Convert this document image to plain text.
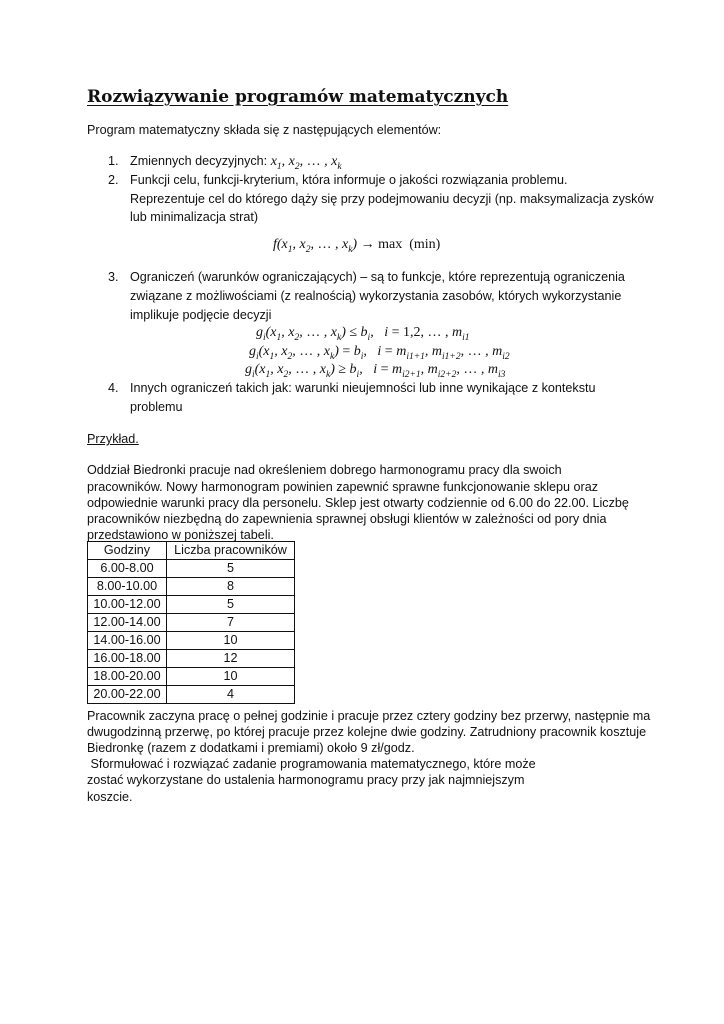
Rozwiązywanie programów matematycznych
Program matematyczny składa się z następujących elementów:
1. Zmiennych decyzyjnych: $x_1$, $x_2$, … , $x_k$
2. Funkcji celu, funkcji-kryterium, która informuje o jakości rozwiązania problemu.
Reprezentuje cel do którego dąży się przy podejmowaniu decyzji (np. maksymalizacja zysków
lub minimalizacja strat)
$f(x_1$, $x_2$, … , $x_k) \to \max (\min)$
3. Ograniczeń (warunków ograniczających) – są to funkcje, które reprezentują ograniczenia
związane z możliwościami (z realnością) wykorzystania zasobów, których wykorzystanie
implikuje podjęcie decyzji
$g_i(x_1$, $x_2$, … , $x_k) \le b_i$,   i = 1,2, … , $m_{i1}$
$g_i(x_1$, $x_2$, … , $x_k) = b_i$,   $i = m_{i1+1}$, $m_{i1+2}$, … , $m_{i2}$
$g_i(x_1$, $x_2$, … , $x_k) \ge b_i$,   $i = m_{i2+1}$, $m_{i2+2}$, … , $m_{i3}$
4. Innych ograniczeń takich jak: warunki nieujemności lub inne wynikające z kontekstu
problemu
Przykład.
Oddział Biedronki pracuje nad określeniem dobrego harmonogramu pracy dla swoich
pracowników. Nowy harmonogram powinien zapewnić sprawne funkcjonowanie sklepu oraz
odpowiednie warunki pracy dla personelu. Sklep jest otwarty codziennie od 6.00 do 22.00. Liczbę
pracowników niezbędną do zapewnienia sprawnej obsługi klientów w zależności od pory dnia
przedstawiono w poniższej tabeli.
Godziny	Liczba pracowników
6.00-8.00	5
8.00-10.00	8
10.00-12.00	5
12.00-14.00	7
14.00-16.00	10
16.00-18.00	12
18.00-20.00	10
20.00-22.00	4
Pracownik zaczyna pracę o pełnej godzinie i pracuje przez cztery godziny bez przerwy, następnie ma
dwugodzinną przerwę, po której pracuje przez kolejne dwie godziny. Zatrudniony pracownik kosztuje
Biedronkę (razem z dodatkami i premiami) około 9 zł/godz.
Sformułować i rozwiązać zadanie programowania matematycznego, które może
zostać wykorzystane do ustalenia harmonogramu pracy przy jak najmniejszym
koszcie.
